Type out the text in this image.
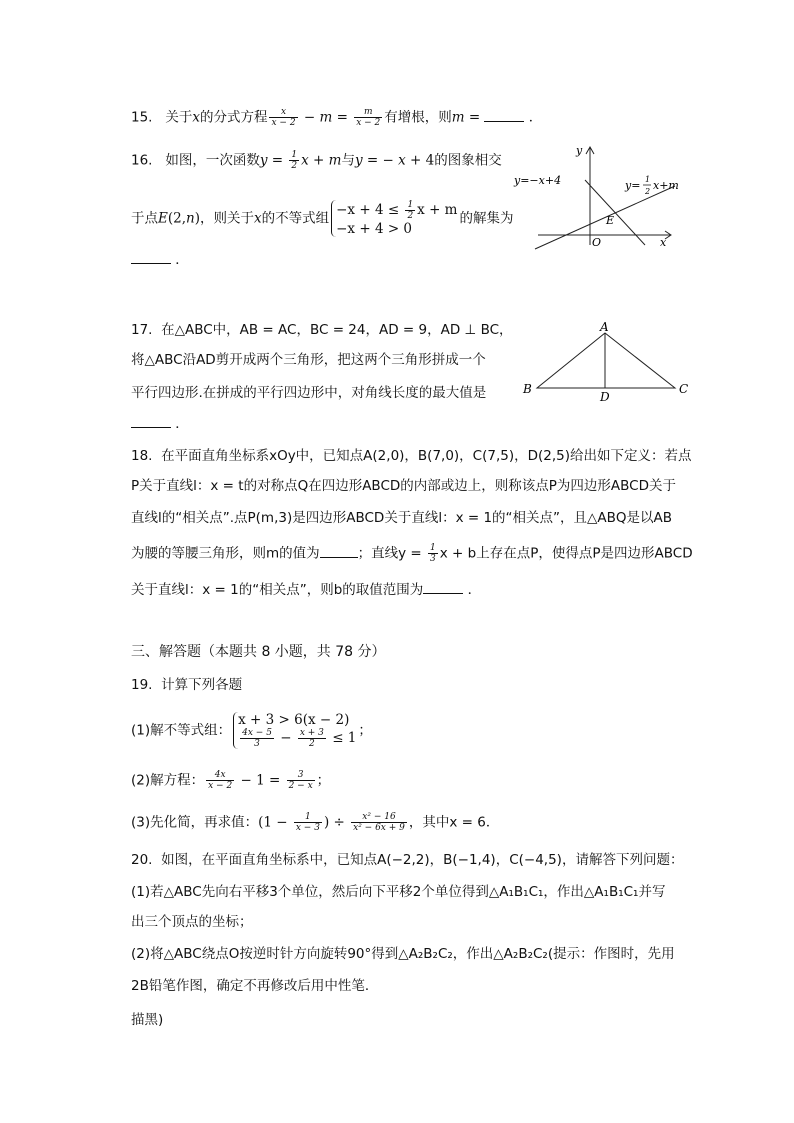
15. 关于x的分式方程 $\frac{x}{x - 2} - m = \frac{m}{x - 2}$ 有增根，则m =	．
16. 如图，一次函数$y = \frac{1}{2}$ x + m与y = − x + 4的图象相交
于点E(2,n)，则关于x的不等式组
$-x + 4 \le \frac{1}{2}$ x + m
−x + 4 > 0
的解集为
．
y
x
O
E
y=−x+4	y= 1
2 x+m
17. 在△ABC中，AB = AC，BC = 24，AD = 9，AD ⊥ BC，
将△ABC沿AD剪开成两个三角形，把这两个三角形拼成一个
平行四边形.在拼成的平行四边形中，对角线长度的最大值是
．
A
B	C
D
18. 在平面直角坐标系xOy中，已知点A(2,0)，B(7,0)，C(7,5)，D(2,5)给出如下定义：若点
P关于直线l：x = t的对称点Q在四边形ABCD的内部或边上，则称该点P为四边形ABCD关于
直线l的“相关点”.点P(m,3)是四边形ABCD关于直线l：x = 1的“相关点”，且△ABQ是以AB
为腰的等腰三角形，则m的值为	；直线$y = \frac{1}{3}$ x + b上存在点P，使得点P是四边形ABCD
关于直线l：x = 1的“相关点”，则b的取值范围为	．
三、解答题（本题共 8 小题，共 78 分）
19. 计算下列各题
(1)解不等式组：
x + 3 > 6(x − 2)
$\frac{4x - 5}{3} - \frac{x + 3}{2} \le 1$ ；
(2)解方程： $\frac{4x}{x - 2} - 1 = \frac{3}{2 - x}$ ；
(3)先化简，再求值：($1 - \frac{1}{x - 3}$ ) ÷ $\frac{\text{x² − 16}}{\text{x² − 6x + 9}}$ ，其中x = 6．
20. 如图，在平面直角坐标系中，已知点A(−2,2)，B(−1,4)，C(−4,5)，请解答下列问题：
(1)若△ABC先向右平移3个单位，然后向下平移2个单位得到△A₁B₁C₁，作出△A₁B₁C₁并写
出三个顶点的坐标；
(2)将△ABC绕点O按逆时针方向旋转90°得到△A₂B₂C₂，作出△A₂B₂C₂(提示：作图时，先用
2B铅笔作图，确定不再修改后用中性笔．
描黑)
